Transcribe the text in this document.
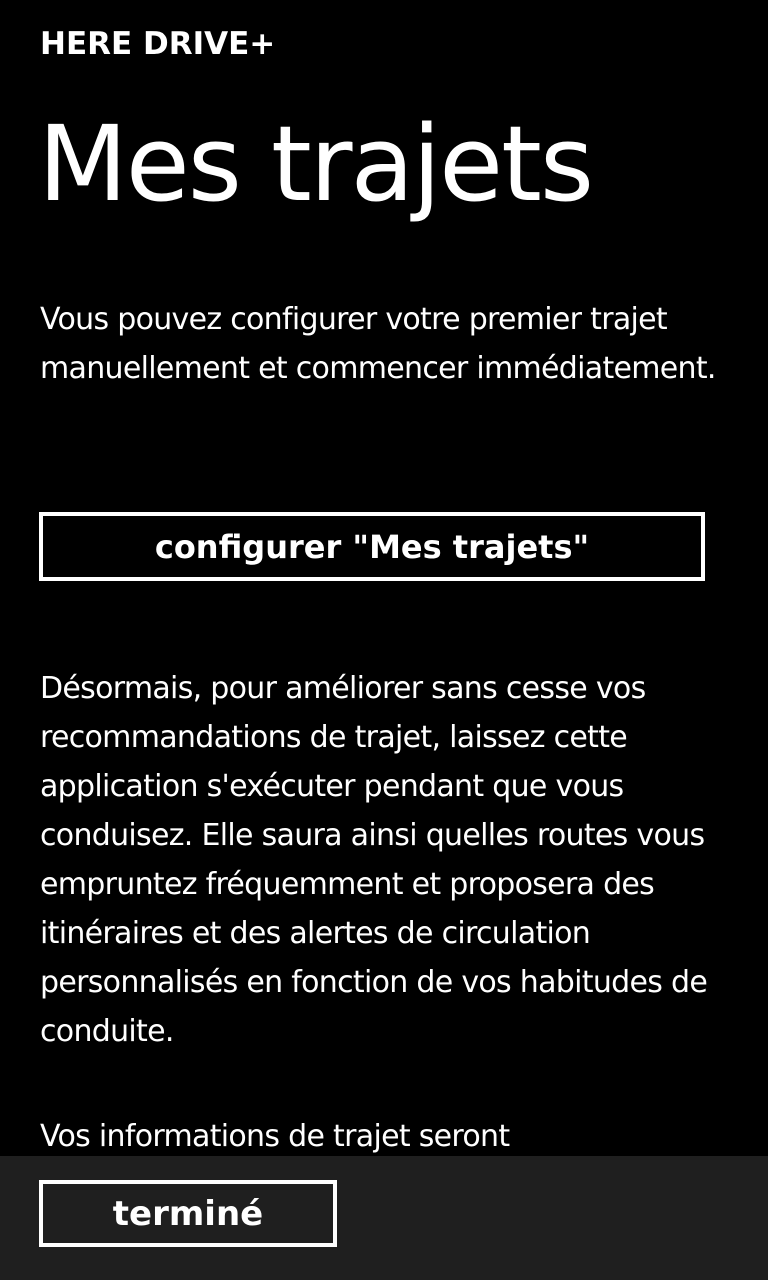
HERE DRIVE+
Mes trajets

Vous pouvez configurer votre premier trajet manuellement et commencer immédiatement.

configurer "Mes trajets"

Désormais, pour améliorer sans cesse vos recommandations de trajet, laissez cette application s'exécuter pendant que vous conduisez. Elle saura ainsi quelles routes vous empruntez fréquemment et proposera des itinéraires et des alertes de circulation personnalisés en fonction de vos habitudes de conduite.

Vos informations de trajet seront

terminé
